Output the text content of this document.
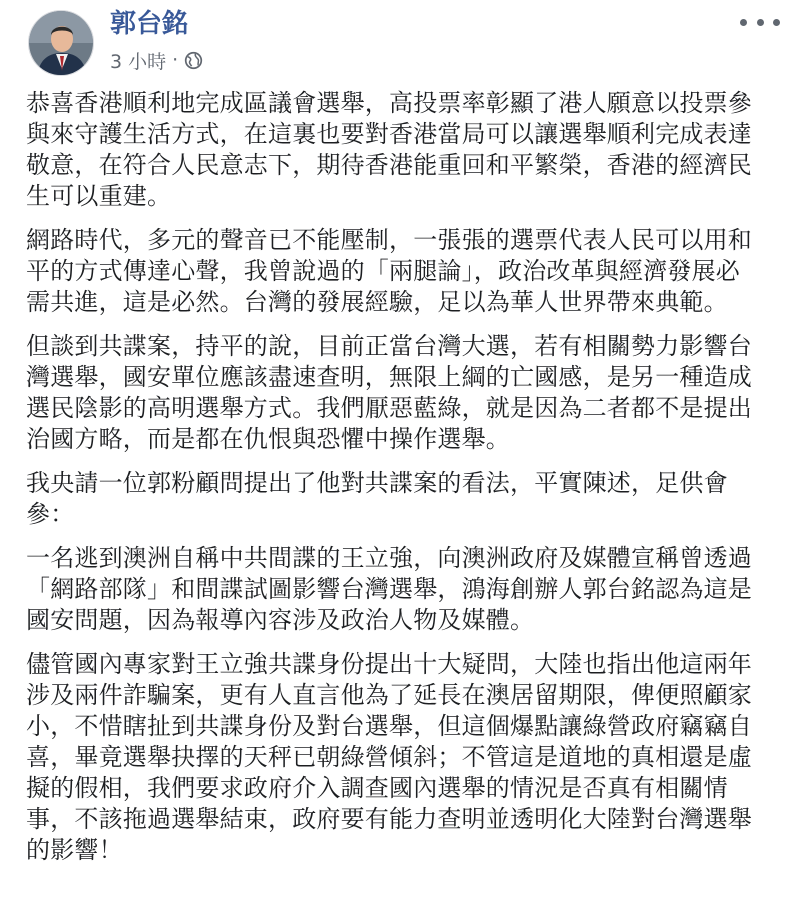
郭台銘
3 小時 ·

恭喜香港順利地完成區議會選舉，高投票率彰顯了港人願意以投票參
與來守護生活方式，在這裏也要對香港當局可以讓選舉順利完成表達
敬意，在符合人民意志下，期待香港能重回和平繁榮，香港的經濟民
生可以重建。

網路時代，多元的聲音已不能壓制，一張張的選票代表人民可以用和
平的方式傳達心聲，我曾說過的「兩腿論」，政治改革與經濟發展必
需共進，這是必然。台灣的發展經驗，足以為華人世界帶來典範。

但談到共諜案，持平的說，目前正當台灣大選，若有相關勢力影響台
灣選舉，國安單位應該盡速查明，無限上綱的亡國感，是另一種造成
選民陰影的高明選舉方式。我們厭惡藍綠，就是因為二者都不是提出
治國方略，而是都在仇恨與恐懼中操作選舉。

我央請一位郭粉顧問提出了他對共諜案的看法，平實陳述，足供會
參：

一名逃到澳洲自稱中共間諜的王立強，向澳洲政府及媒體宣稱曾透過
「網路部隊」和間諜試圖影響台灣選舉，鴻海創辦人郭台銘認為這是
國安問題，因為報導內容涉及政治人物及媒體。

儘管國內專家對王立強共諜身份提出十大疑問，大陸也指出他這兩年
涉及兩件詐騙案，更有人直言他為了延長在澳居留期限，俾便照顧家
小，不惜瞎扯到共諜身份及對台選舉，但這個爆點讓綠營政府竊竊自
喜，畢竟選舉抉擇的天秤已朝綠營傾斜；不管這是道地的真相還是虛
擬的假相，我們要求政府介入調查國內選舉的情況是否真有相關情
事，不該拖過選舉結束，政府要有能力查明並透明化大陸對台灣選舉
的影響！
